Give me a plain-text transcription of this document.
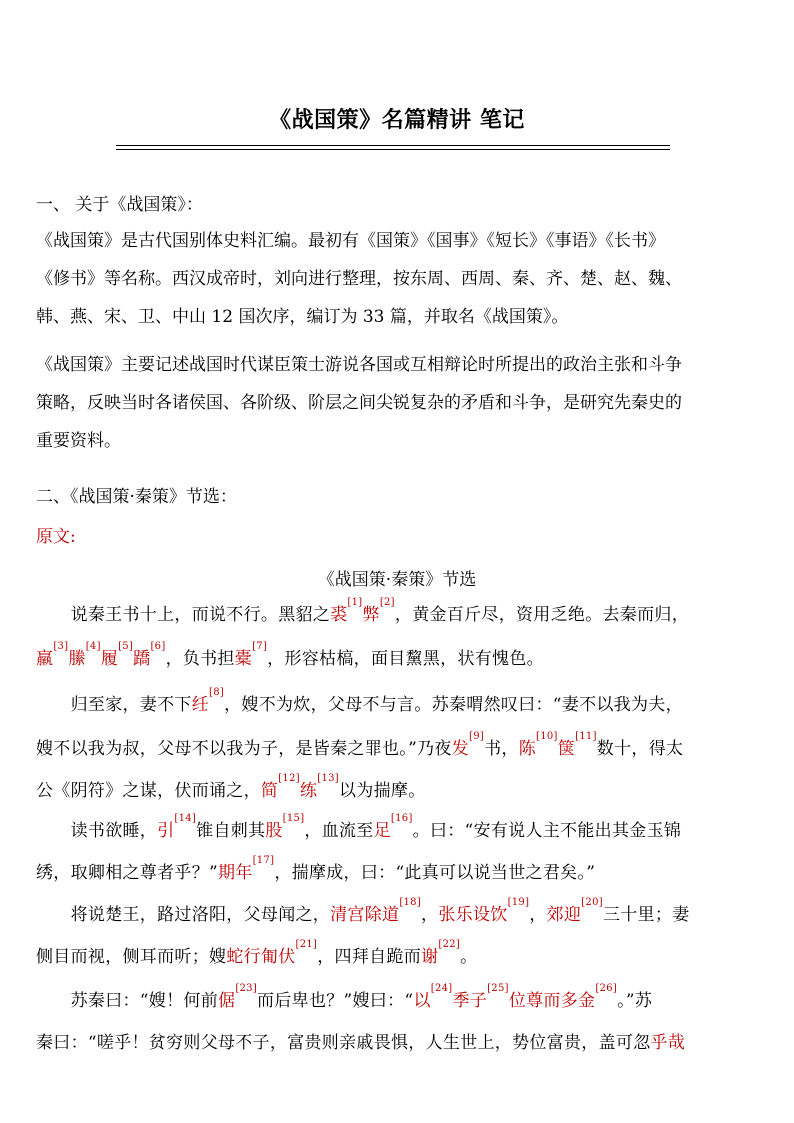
《战国策》名篇精讲 笔记
一、 关于《战国策》：
《战国策》是古代国别体史料汇编。最初有《国策》《国事》《短长》《事语》《长书》
《修书》等名称。西汉成帝时，刘向进行整理，按东周、西周、秦、齐、楚、赵、魏、
韩、燕、宋、卫、中山 12 国次序，编订为 33 篇，并取名《战国策》。
《战国策》主要记述战国时代谋臣策士游说各国或互相辩论时所提出的政治主张和斗争
策略，反映当时各诸侯国、各阶级、阶层之间尖锐复杂的矛盾和斗争，是研究先秦史的
重要资料。
二、《战国策·秦策》节选：
原文:
《战国策·秦策》节选
　　说秦王书十上，而说不行。黑貂之裘[1]弊[2]，黄金百斤尽，资用乏绝。去秦而归，
羸[3]縢[4]履[5]蹻[6]，负书担橐[7]，形容枯槁，面目黧黑，状有愧色。
　　归至家，妻不下纴[8]，嫂不为炊，父母不与言。苏秦喟然叹曰：“妻不以我为夫，
嫂不以我为叔，父母不以我为子，是皆秦之罪也。”乃夜发[9]书，陈[10]箧[11]数十，得太
公《阴符》之谋，伏而诵之，简[12]练[13]以为揣摩。
　　读书欲睡，引[14]锥自刺其股[15]，血流至足[16]。曰：“安有说人主不能出其金玉锦
绣，取卿相之尊者乎？”期年[17]，揣摩成，曰：“此真可以说当世之君矣。”
　　将说楚王，路过洛阳，父母闻之，清宫除道[18]，张乐设饮[19]，郊迎[20]三十里；妻
侧目而视，侧耳而听；嫂蛇行匍伏[21]，四拜自跪而谢[22]。
　　苏秦曰：“嫂！何前倨[23]而后卑也？”嫂曰：“以[24]季子[25]位尊而多金[26]。”苏
秦曰：“嗟乎！贫穷则父母不子，富贵则亲戚畏惧，人生世上，势位富贵，盖可忽乎哉
